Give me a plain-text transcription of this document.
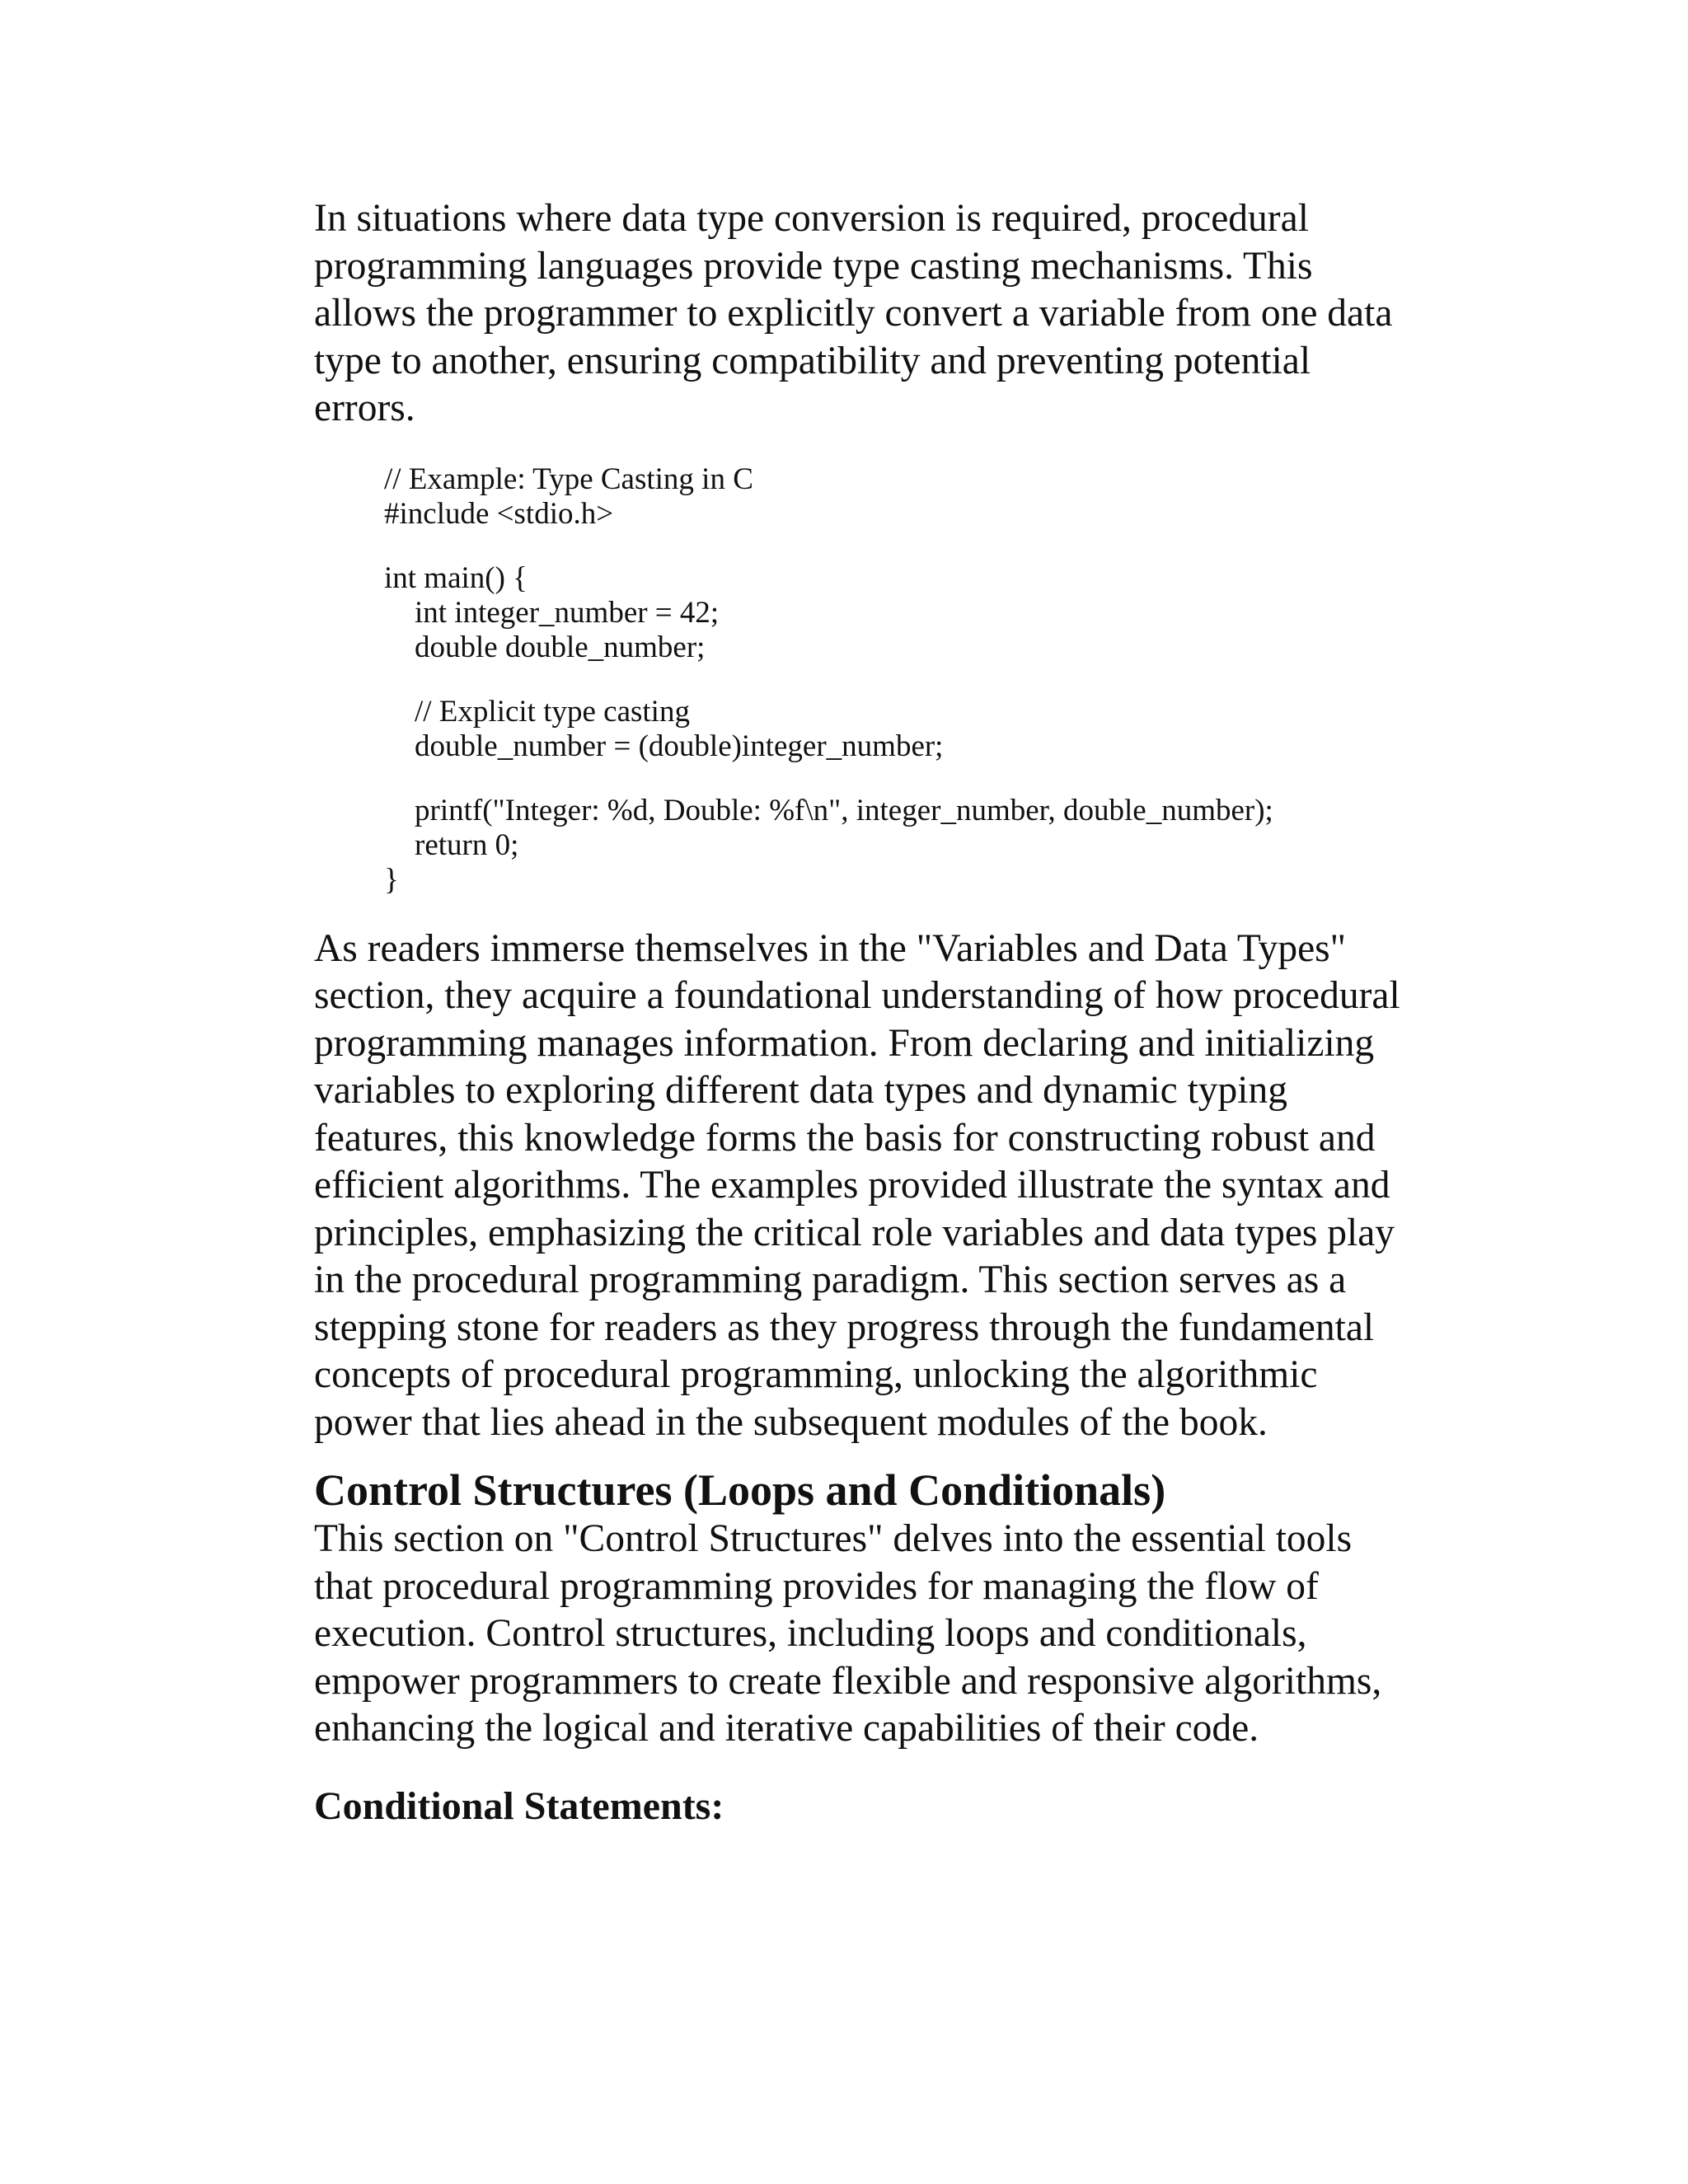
In situations where data type conversion is required, procedural
programming languages provide type casting mechanisms. This
allows the programmer to explicitly convert a variable from one data
type to another, ensuring compatibility and preventing potential
errors.

// Example: Type Casting in C
#include <stdio.h>
int main() {
int integer_number = 42;
double double_number;
// Explicit type casting
double_number = (double)integer_number;
printf("Integer: %d, Double: %f\n", integer_number, double_number);
return 0;
}

As readers immerse themselves in the "Variables and Data Types"
section, they acquire a foundational understanding of how procedural
programming manages information. From declaring and initializing
variables to exploring different data types and dynamic typing
features, this knowledge forms the basis for constructing robust and
efficient algorithms. The examples provided illustrate the syntax and
principles, emphasizing the critical role variables and data types play
in the procedural programming paradigm. This section serves as a
stepping stone for readers as they progress through the fundamental
concepts of procedural programming, unlocking the algorithmic
power that lies ahead in the subsequent modules of the book.

Control Structures (Loops and Conditionals)

This section on "Control Structures" delves into the essential tools
that procedural programming provides for managing the flow of
execution. Control structures, including loops and conditionals,
empower programmers to create flexible and responsive algorithms,
enhancing the logical and iterative capabilities of their code.

Conditional Statements:
